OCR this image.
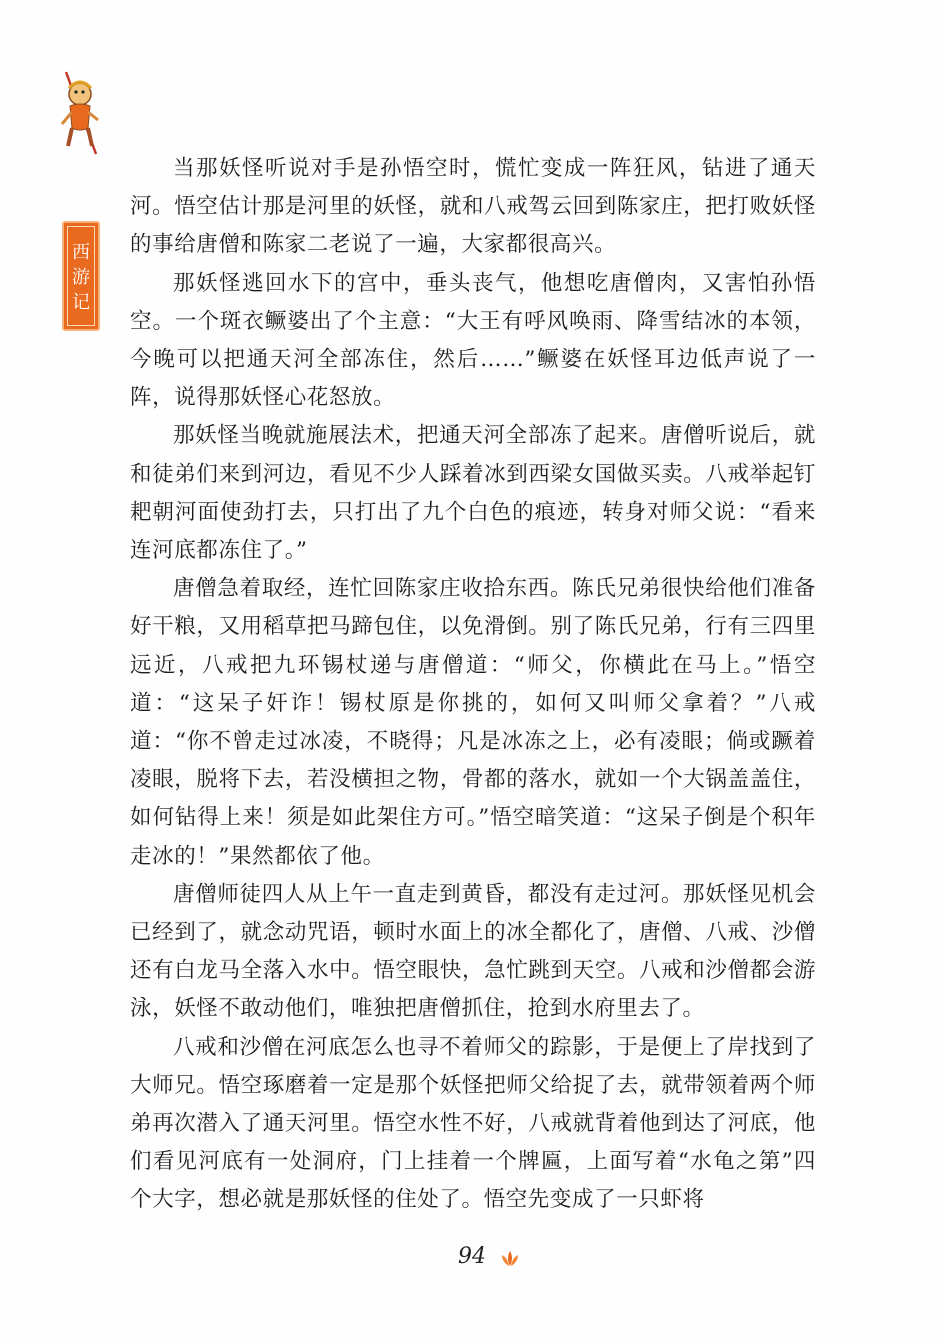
西
游
记

当那妖怪听说对手是孙悟空时，慌忙变成一阵狂风，钻进了通天河。悟空估计那是河里的妖怪，就和八戒驾云回到陈家庄，把打败妖怪的事给唐僧和陈家二老说了一遍，大家都很高兴。

那妖怪逃回水下的宫中，垂头丧气，他想吃唐僧肉，又害怕孙悟空。一个斑衣鳜婆出了个主意：“大王有呼风唤雨、降雪结冰的本领，今晚可以把通天河全部冻住，然后……”鳜婆在妖怪耳边低声说了一阵，说得那妖怪心花怒放。

那妖怪当晚就施展法术，把通天河全部冻了起来。唐僧听说后，就和徒弟们来到河边，看见不少人踩着冰到西梁女国做买卖。八戒举起钉耙朝河面使劲打去，只打出了九个白色的痕迹，转身对师父说：“看来连河底都冻住了。”

唐僧急着取经，连忙回陈家庄收拾东西。陈氏兄弟很快给他们准备好干粮，又用稻草把马蹄包住，以免滑倒。别了陈氏兄弟，行有三四里远近，八戒把九环锡杖递与唐僧道：“师父，你横此在马上。”悟空道：“这呆子奸诈！锡杖原是你挑的，如何又叫师父拿着？”八戒道：“你不曾走过冰凌，不晓得；凡是冰冻之上，必有凌眼；倘或蹶着凌眼，脱将下去，若没横担之物，骨都的落水，就如一个大锅盖盖住，如何钻得上来！须是如此架住方可。”悟空暗笑道：“这呆子倒是个积年走冰的！”果然都依了他。

唐僧师徒四人从上午一直走到黄昏，都没有走过河。那妖怪见机会已经到了，就念动咒语，顿时水面上的冰全都化了，唐僧、八戒、沙僧还有白龙马全落入水中。悟空眼快，急忙跳到天空。八戒和沙僧都会游泳，妖怪不敢动他们，唯独把唐僧抓住，抢到水府里去了。

八戒和沙僧在河底怎么也寻不着师父的踪影，于是便上了岸找到了大师兄。悟空琢磨着一定是那个妖怪把师父给捉了去，就带领着两个师弟再次潜入了通天河里。悟空水性不好，八戒就背着他到达了河底，他们看见河底有一处洞府，门上挂着一个牌匾，上面写着“水龟之第”四个大字，想必就是那妖怪的住处了。悟空先变成了一只虾将

94
